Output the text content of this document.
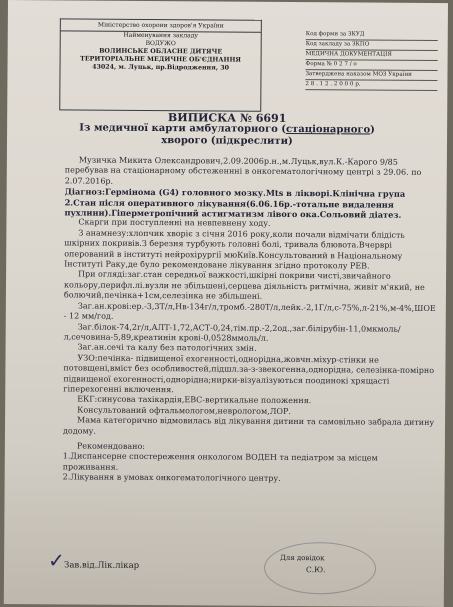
Міністерство охорони здоров'я України
Найменування закладу
ВОДУЖО
ВОЛИНСЬКЕ ОБЛАСНЕ ДИТЯЧЕ
ТЕРИТОРІАЛЬНЕ МЕДИЧНЕ ОБ'ЄДНАННЯ
43024, м. Луцьк, пр.Відродження, 30
Код форми за ЗКУД
Код закладу за ЗКПО
МЕДИЧНА ДОКУМЕНТАЦІЯ
Форма № 0 2 7 / о
Затверджена наказом МОЗ України
2 8 . 1 2 . 2 0 0 0 р.
ВИПИСКА № 6691
Із медичної карти амбулаторного (стаціонарного)
хворого (підкреслити)

Музичка Микита Олександрович,2.09.2006р.н.,м.Луцьк,вул.К.-Карого 9/85

перебував на стаціонарному обстеженнні в онкогематологічному центрі з 29.06. по 2.07.2016р.

Діагноз:Гермінома (G4) головного мозку.Mts в лікворі.Клінічна група 2.Стан після оперативного лікування(6.06.16р.-тотальне видалення пухлини).Гіперметропічний астигматизм лівого ока.Сольовий діатез.

Скарги при поступленні на невпевнену ходу.

З анамнезу:хлопчик хворіє з січня 2016 року,коли почали відмічати блідість шкірних покривів.З березня турбують головні болі, тривала блювота.Вчерврі оперований в інституті нейрохірургії мюКиїв.Консультований в Національному Інституті Раку,де було рекомендоване лікування згідно протоколу РЕВ.

При огляді:заг.стан середньої важкості,шкірні покриви чисті,звичайного кольору,перифл.лі.вузли не збільшені,серцева діяльність ритмічна, живіт м'який, не болючий,печінка+1см,селезінка не збільшені.

Заг.ан.крові:ер.-3,3Т/л,Нв-134г/л,тромб.-280Т/л,лейк.-2,1Г/л,с-75%,л-21%,м-4%,ШОЕ - 12 мм/год.

Заг.білок-74,2г/л,АЛТ-1,72,АСТ-0,24,тім.пр.-2,2од.,заг.білірубін-11,0мкмоль/л,сечовина-5,89,креатинін крові-0,0528ммоль/л.

Заг.ан.сечі та калу без патологічних змін.

УЗО:печінка- підвищеної ехогенності,однорідна,жовчн.міхур-стінки не потовщені,вміст без особливостей,підшл.за-з-звекогенна,однорідна, селезінка-помірно підвищеної ехогенності,однорідна;нирки-візуалізуються поодинокі хрящасті гіперехогенні включення.

ЕКГ:синусова тахікардія,ЕВС-вертикальне положення.

Консультований офтальмологом,неврологом,ЛОР.

Мама категорично відмовилась від лікування дитини та самовільно забрала дитину додому.

Рекомендовано:

1.Диспансерне спостереження онкологом ВОДЕН та педіатром за місцем проживання.

2.Лікування в умовах онкогематологічного центру.

✓ Зав.від.Лік.лікар
Для довідок
С.Ю.
